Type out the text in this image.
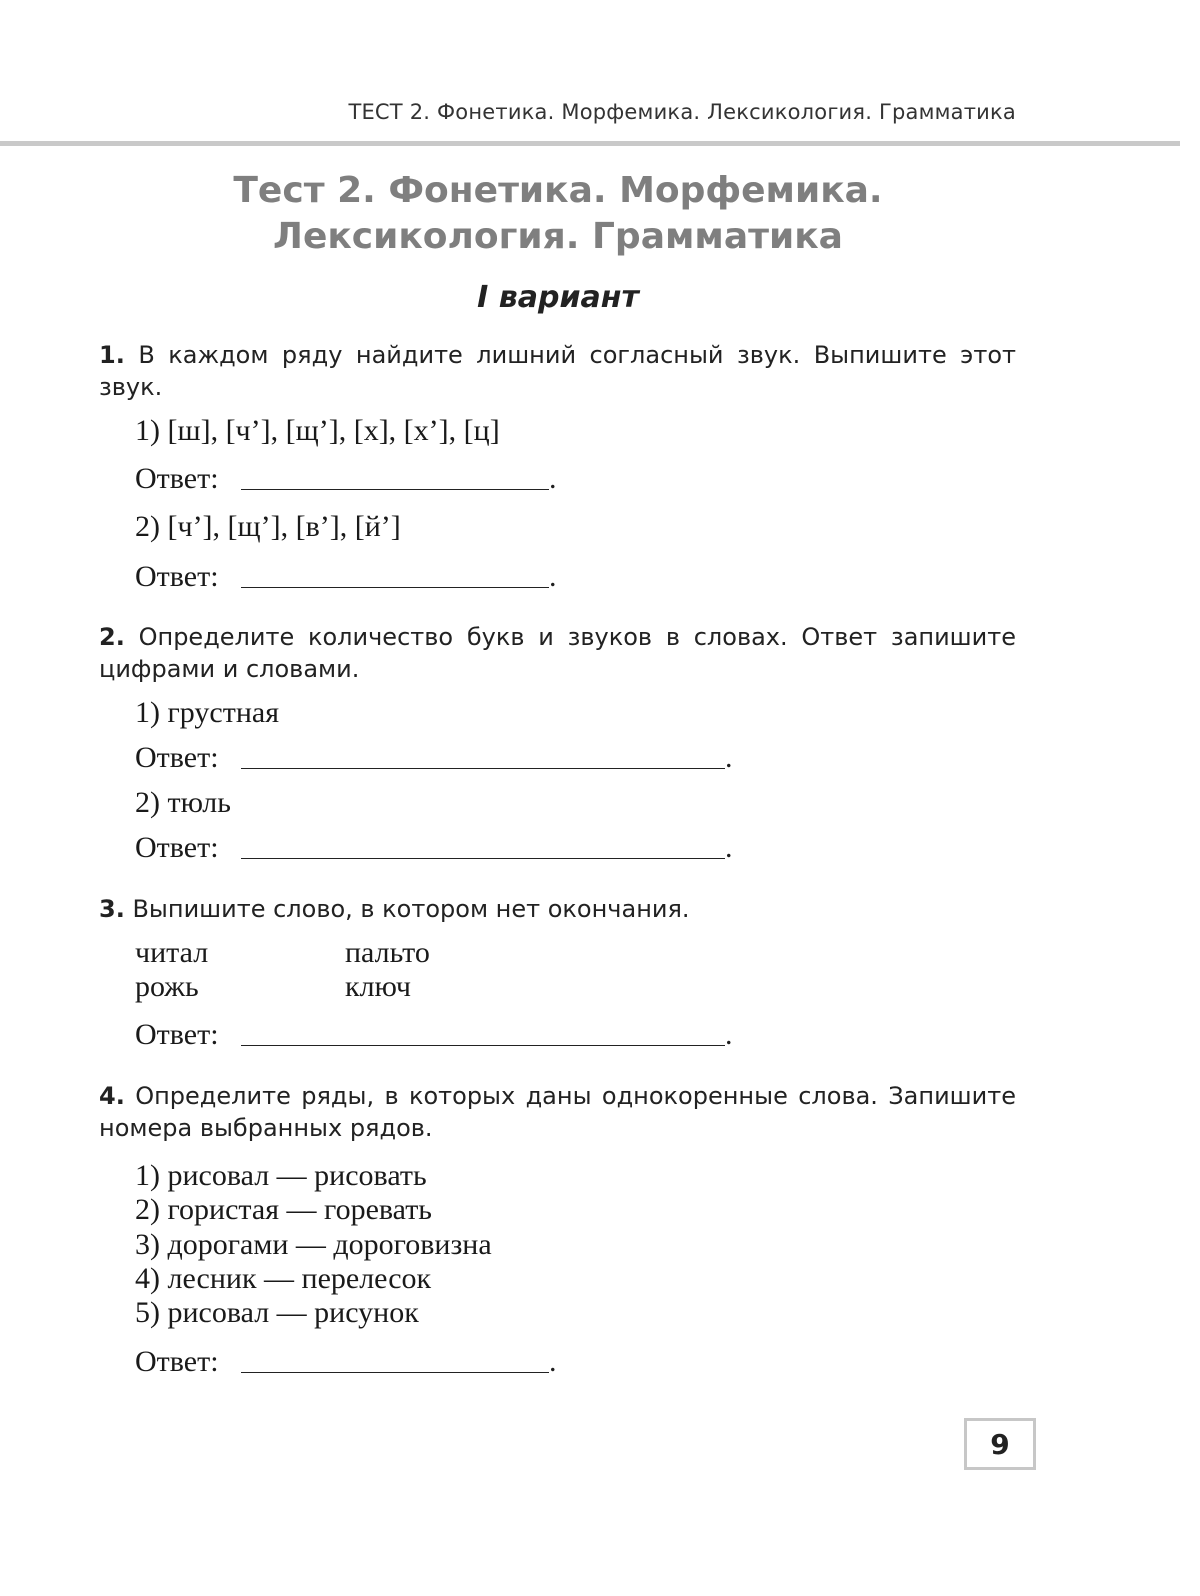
ТЕСТ 2. Фонетика. Морфемика. Лексикология. Грамматика
Тест 2. Фонетика. Морфемика.
Лексикология. Грамматика
I вариант
1. В каждом ряду найдите лишний согласный звук. Выпишите этот звук.
1) [ш], [ч’], [щ’], [х], [х’], [ц]
Ответ:	.
2) [ч’], [щ’], [в’], [й’]
Ответ:	.
2. Определите количество букв и звуков в словах. Ответ запишите цифрами и словами.
1) грустная
Ответ:	.
2) тюль
Ответ:	.
3. Выпишите слово, в котором нет окончания.
читал	пальто
рожь	ключ
Ответ:	.
4. Определите ряды, в которых даны однокоренные слова. Запишите номера выбранных рядов.
1) рисовал — рисовать
2) гористая — горевать
3) дорогами — дороговизна
4) лесник — перелесок
5) рисовал — рисунок
Ответ:	.
9
